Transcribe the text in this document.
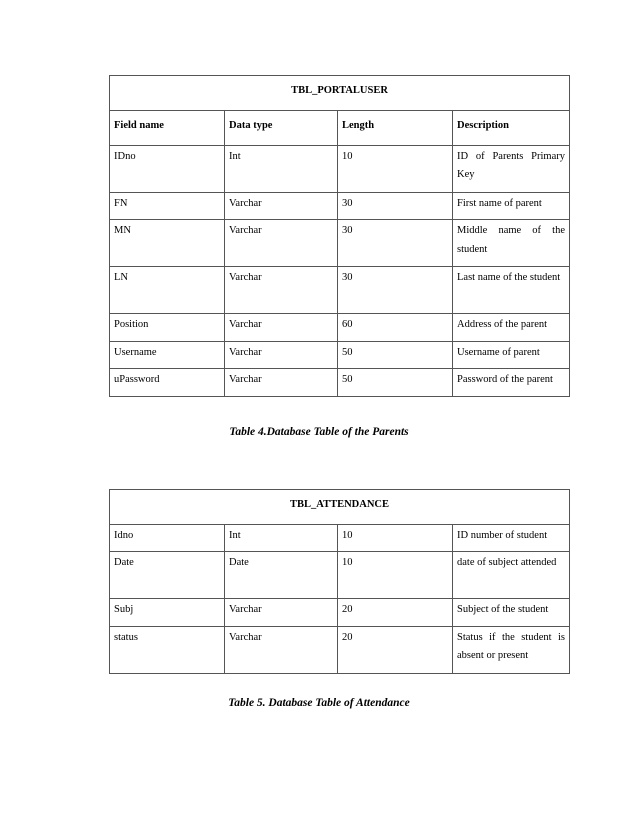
TBL_PORTALUSER			
Field name	Data type	Length	Description
IDno	Int	10	ID of Parents Primary Key
FN	Varchar	30	First name of parent
MN	Varchar	30	Middle name of the student
LN	Varchar	30	Last name of the student
Position	Varchar	60	Address of the parent
Username	Varchar	50	Username of parent
uPassword	Varchar	50	Password of the parent
Table 4.Database Table of the Parents
TBL_ATTENDANCE			
Idno	Int	10	ID number of student
Date	Date	10	date of subject attended
Subj	Varchar	20	Subject of the student
status	Varchar	20	Status if the student is absent or present
Table 5. Database Table of Attendance
